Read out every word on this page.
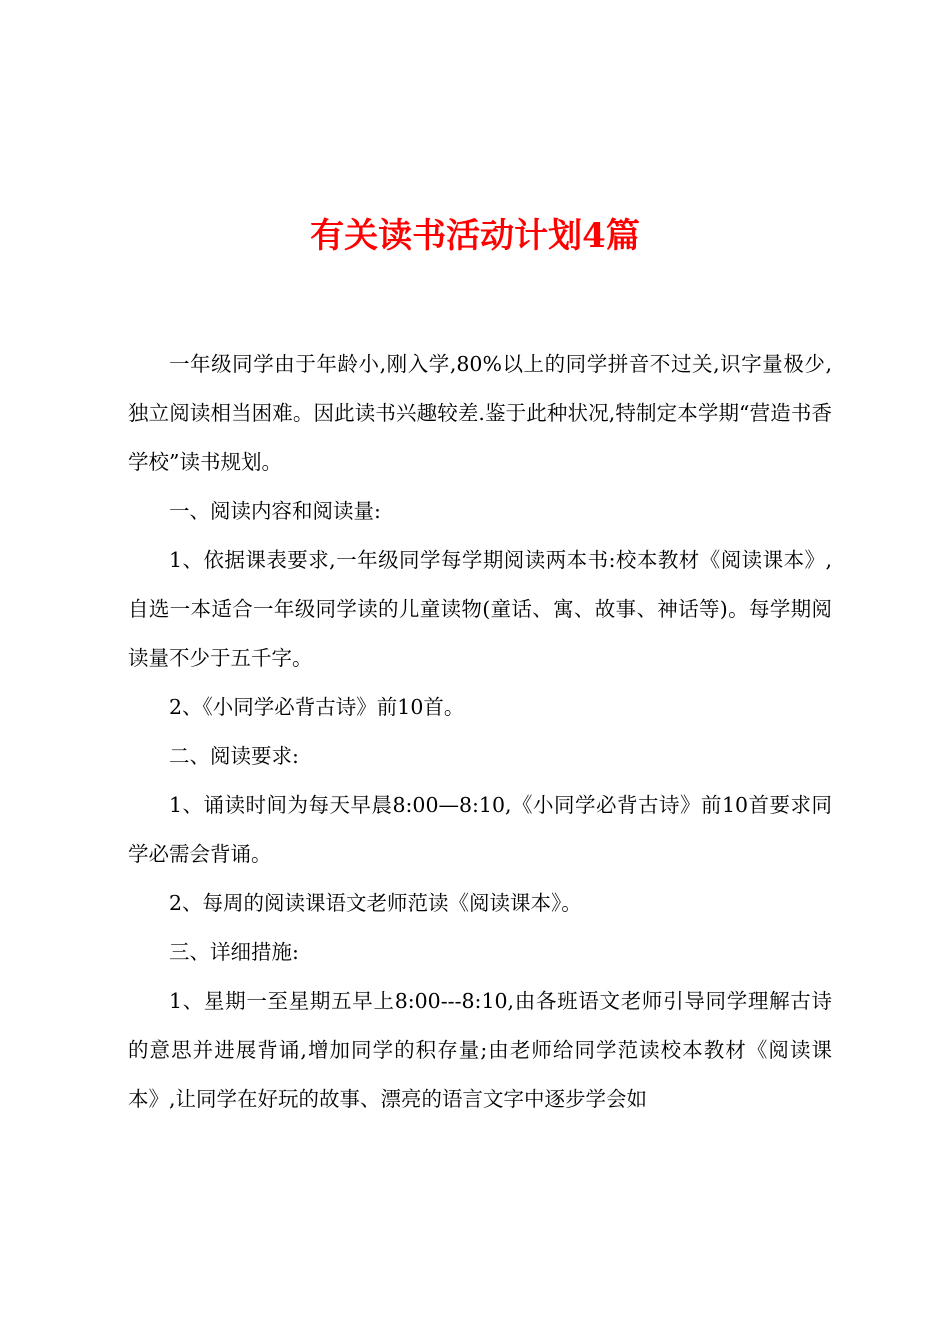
有关读书活动计划4篇

一年级同学由于年龄小,刚入学,80%以上的同学拼音不过关,识字量极少,独立阅读相当困难。因此读书兴趣较差.鉴于此种状况,特制定本学期“营造书香学校”读书规划。

一、阅读内容和阅读量:

1、依据课表要求,一年级同学每学期阅读两本书:校本教材《阅读课本》,自选一本适合一年级同学读的儿童读物(童话、寓、故事、神话等)。每学期阅读量不少于五千字。

2、《小同学必背古诗》前10首。

二、阅读要求:

1、诵读时间为每天早晨8:00—8:10,《小同学必背古诗》前10首要求同学必需会背诵。

2、每周的阅读课语文老师范读《阅读课本》。

三、详细措施:

1、星期一至星期五早上8:00---8:10,由各班语文老师引导同学理解古诗的意思并进展背诵,增加同学的积存量;由老师给同学范读校本教材《阅读课本》,让同学在好玩的故事、漂亮的语言文字中逐步学会如
